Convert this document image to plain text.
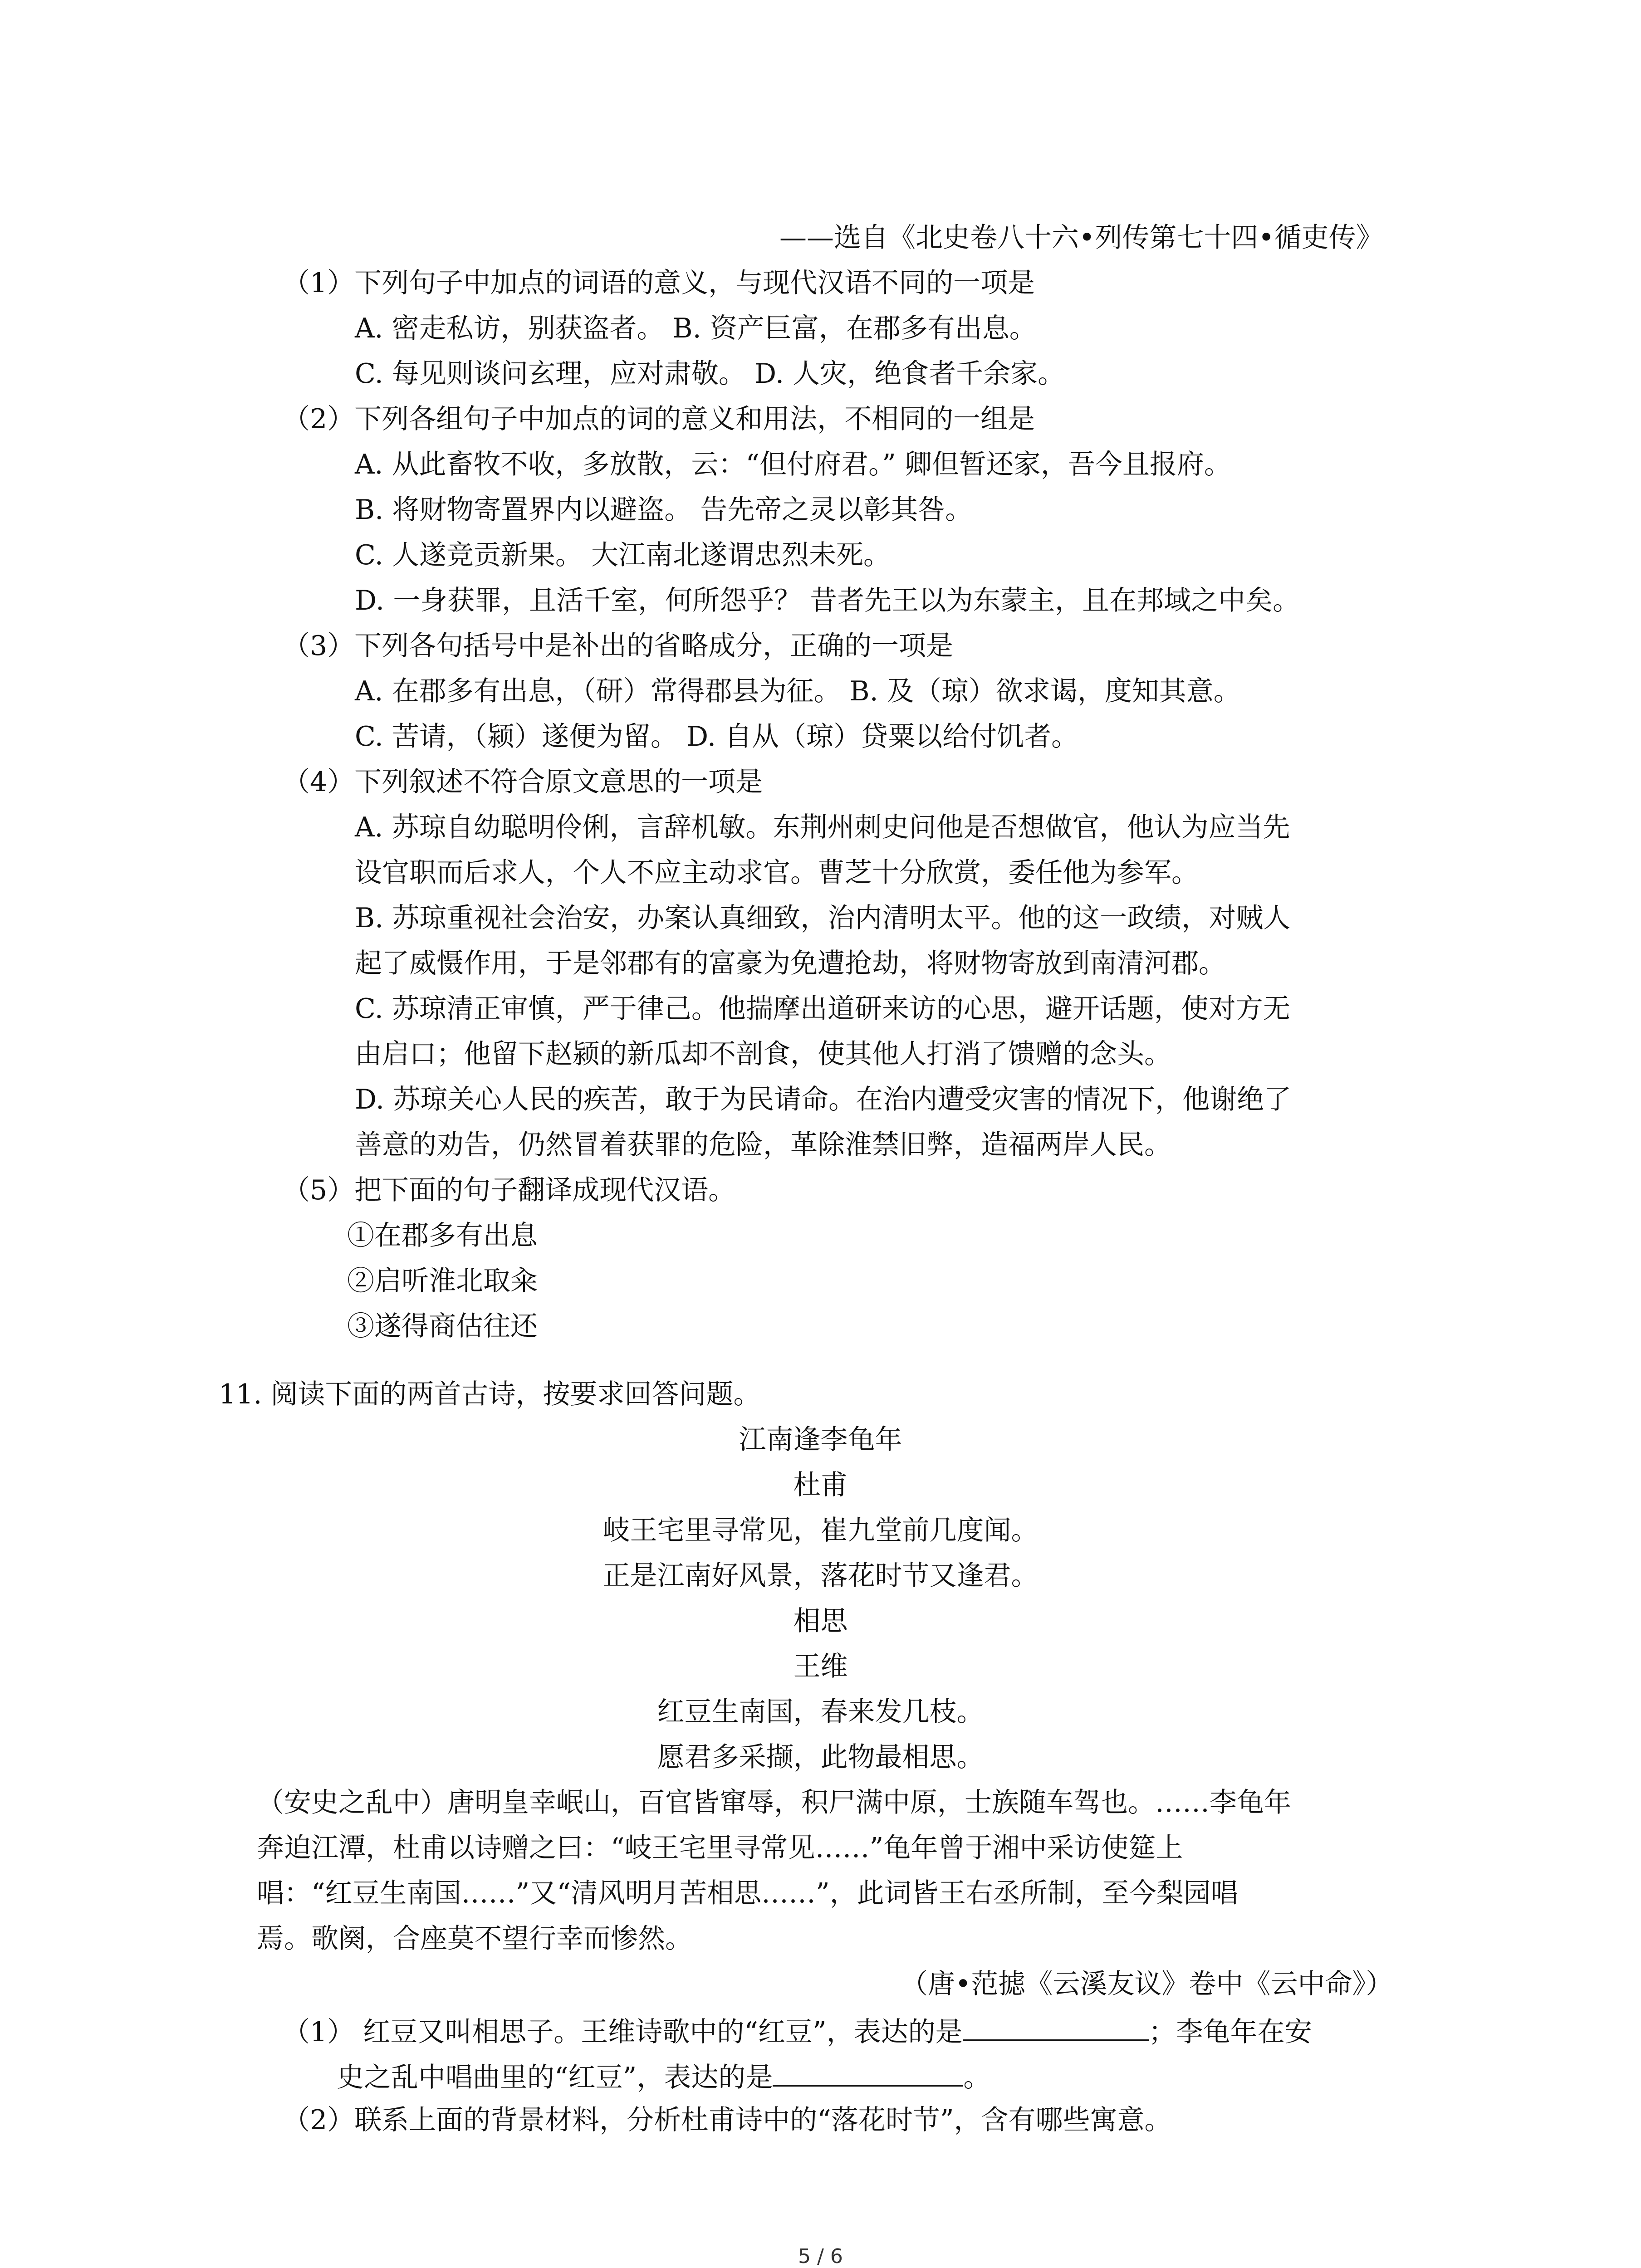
——选自《北史卷八十六•列传第七十四•循吏传》
（1）下列句子中加点的词语的意义，与现代汉语不同的一项是
A. 密走私访，别获盗者。 B. 资产巨富，在郡多有出息。
C. 每见则谈问玄理，应对肃敬。 D. 人灾，绝食者千余家。
（2）下列各组句子中加点的词的意义和用法，不相同的一组是
A. 从此畜牧不收，多放散，云：“但付府君。” 卿但暂还家，吾今且报府。
B. 将财物寄置界内以避盗。 告先帝之灵以彰其咎。
C. 人遂竞贡新果。 大江南北遂谓忠烈未死。
D. 一身获罪，且活千室，何所怨乎？ 昔者先王以为东蒙主，且在邦域之中矣。
（3）下列各句括号中是补出的省略成分，正确的一项是
A. 在郡多有出息，（研）常得郡县为征。 B. 及（琼）欲求谒，度知其意。
C. 苦请，（颍）遂便为留。 D. 自从（琼）贷粟以给付饥者。
（4）下列叙述不符合原文意思的一项是
A. 苏琼自幼聪明伶俐，言辞机敏。东荆州刺史问他是否想做官，他认为应当先
设官职而后求人，个人不应主动求官。曹芝十分欣赏，委任他为参军。
B. 苏琼重视社会治安，办案认真细致，治内清明太平。他的这一政绩，对贼人
起了威慑作用，于是邻郡有的富豪为免遭抢劫，将财物寄放到南清河郡。
C. 苏琼清正审慎，严于律己。他揣摩出道研来访的心思，避开话题，使对方无
由启口；他留下赵颍的新瓜却不剖食，使其他人打消了馈赠的念头。
D. 苏琼关心人民的疾苦，敢于为民请命。在治内遭受灾害的情况下，他谢绝了
善意的劝告，仍然冒着获罪的危险，革除淮禁旧弊，造福两岸人民。
（5）把下面的句子翻译成现代汉语。
①在郡多有出息
②启听淮北取籴
③遂得商估往还
11. 阅读下面的两首古诗，按要求回答问题。
江南逢李龟年
杜甫
岐王宅里寻常见，崔九堂前几度闻。
正是江南好风景，落花时节又逢君。
相思
王维
红豆生南国，春来发几枝。
愿君多采撷，此物最相思。
（安史之乱中）唐明皇幸岷山，百官皆窜辱，积尸满中原，士族随车驾也。……李龟年
奔迫江潭，杜甫以诗赠之曰：“岐王宅里寻常见……”龟年曾于湘中采访使筵上
唱：“红豆生南国……”又“清风明月苦相思……”，此词皆王右丞所制，至今梨园唱
焉。歌阕，合座莫不望行幸而惨然。
（唐•范摅《云溪友议》卷中《云中命》）
（1） 红豆又叫相思子。王维诗歌中的“红豆”，表达的是	；李龟年在安
史之乱中唱曲里的“红豆”，表达的是	。
（2）联系上面的背景材料，分析杜甫诗中的“落花时节”，含有哪些寓意。
5 / 6
